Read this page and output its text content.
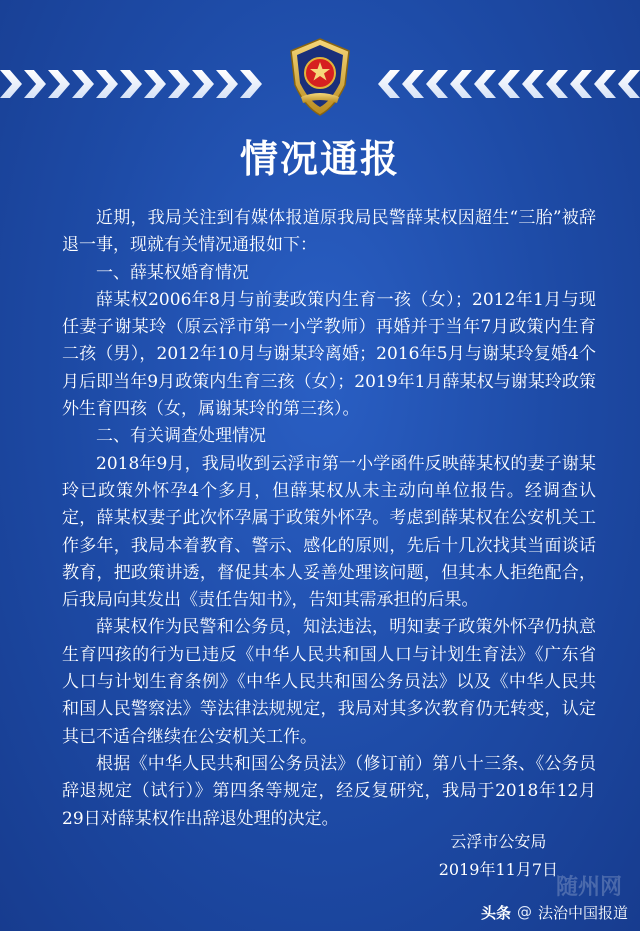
情况通报

近期，我局关注到有媒体报道原我局民警薛某权因超生“三胎”被辞退一事，现就有关情况通报如下：

一、薛某权婚育情况

薛某权2006年8月与前妻政策内生育一孩（女）；2012年1月与现任妻子谢某玲（原云浮市第一小学教师）再婚并于当年7月政策内生育二孩（男），2012年10月与谢某玲离婚；2016年5月与谢某玲复婚4个月后即当年9月政策内生育三孩（女）；2019年1月薛某权与谢某玲政策外生育四孩（女，属谢某玲的第三孩）。

二、有关调查处理情况

2018年9月，我局收到云浮市第一小学函件反映薛某权的妻子谢某玲已政策外怀孕4个多月，但薛某权从未主动向单位报告。经调查认定，薛某权妻子此次怀孕属于政策外怀孕。考虑到薛某权在公安机关工作多年，我局本着教育、警示、感化的原则，先后十几次找其当面谈话教育，把政策讲透，督促其本人妥善处理该问题，但其本人拒绝配合，后我局向其发出《责任告知书》，告知其需承担的后果。

薛某权作为民警和公务员，知法违法，明知妻子政策外怀孕仍执意生育四孩的行为已违反《中华人民共和国人口与计划生育法》《广东省人口与计划生育条例》《中华人民共和国公务员法》以及《中华人民共和国人民警察法》等法律法规规定，我局对其多次教育仍无转变，认定其已不适合继续在公安机关工作。

根据《中华人民共和国公务员法》（修订前）第八十三条、《公务员辞退规定（试行）》第四条等规定，经反复研究，我局于2018年12月29日对薛某权作出辞退处理的决定。

云浮市公安局
2019年11月7日
随州网
头条 @ 法治中国报道
